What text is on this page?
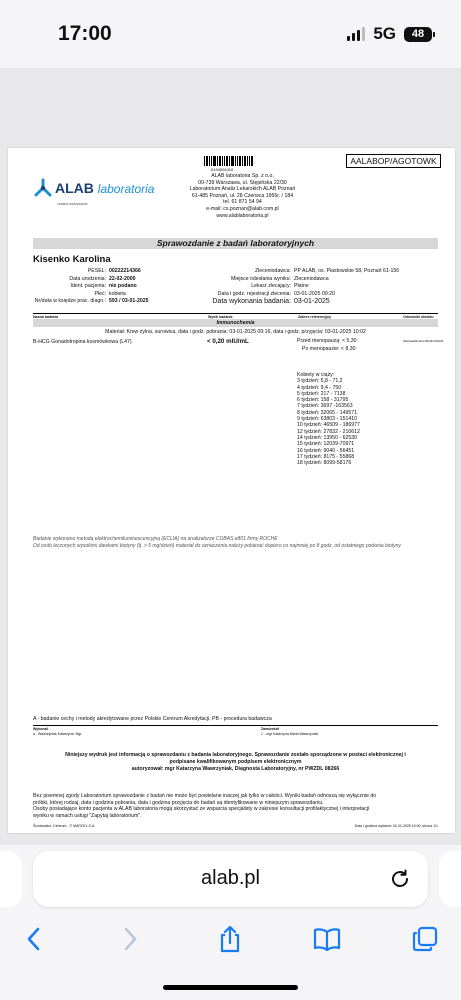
17:00	5G	48
6194526410
AALABOP/AGOTOWK
ALAB laboratoria Sp. z o.o.
00-739 Warszawa, ul. Stępińska 22/30
Laboratorium Analiz Lekarskich ALAB Poznań
61-485 Poznań, ul. 28 Czerwca 1956r. / 184
tel. 61 871 54 94
e-mail: cs.poznan@alab.com.pl
www.alablaboratoria.pl
ALAB laboratoria
zmiana warzywanie
Sprawozdanie z badań laboratoryjnych
Kisenko Karolina
PESEL: 00222214366
Data urodzenia: 22-02-2000
Ident. pacjenta: nie podano
Płeć: kobieta
Nr/data w księdze prac. diagn.: 593 / 03-01-2025
Zleceniodawca: PP ALAB, os. Piastowskie 58, Poznań 61-156
Miejsce odesłania wyniku: Zleceniodawca
Lekarz zlecający: Płatne
Data i godz. rejestracji zlecenia: 03-01-2025 09:20
Data wykonania badania: 03-01-2025
Nazwa badania	Wynik badania	Zakres referencyjny	Odnośniki obiektu
Immunochemia
Materiał: Krew żylna, surowica, data i godz. pobrania: 03-01-2025 09:16, data i godz. przyjęcia: 03-01-2025 10:02
B-HCG Gonadotropina kosmówkowa (L47)	< 0,20 mIU/mL	Przed menopauzą: < 5,30
Po menopauzie: < 8,30
Wielowa/Rozha.Wk34/r4/2024
Kobiety w ciąży:
3 tydzień: 5,8 - 71,2
4 tydzień: 9,4 - 750
5 tydzień: 217 - 7138
6 tydzień: 158 - 31795
7 tydzień: 3697 -163563
8 tydzień: 32065 - 149571
9 tydzień: 63803 - 151410
10 tydzień: 46509 - 186977
12 tydzień: 27832 - 210612
14 tydzień: 13950 - 62530
15 tydzień: 12039-70971
16 tydzień: 9040 - 56451
17 tydzień: 8175 - 55868
18 tydzień: 8099-58176
Badanie wykonano metodą elektrochemiluminescencyjną (ECLIA) na analizatorze COBAS e801 firmy ROCHE
Od osób leczonych wysokimi dawkami biotyny (tj. > 5 mg/dzień) materiał do oznaczenia należy pobierać dopiero co najmniej po 8 godz. od ostatniego podania biotyny
A - badanie cechy i metody akredytowane przez Polskie Centrum Akredytacji, PB - procedura badawcza
Wykonali	Zatwierdził
a - Wawrzyniak Katarzyna, Mgr	1 - mgr Katarzyna Maria Wawrzyniak
Niniejszy wydruk jest informacją o sprawozdaniu z badania laboratoryjnego. Sprawozdanie zostało sporządzone w postaci elektronicznej i
podpisane kwalifikowanym podpisem elektronicznym
autoryzował: mgr Katarzyna Wawrzyniak, Diagnosta Laboratoryjny, nr PWZDL 08266
Bez pisemnej zgody Laboratorium sprawozdanie z badań nie może być powielane inaczej jak tylko w całości. Wyniki badań odnoszą się wyłącznie do
próbki, której rodzaj, data i godzina pobrania, data i godzina przyjęcia do badań są identyfikowane w niniejszym sprawozdaniu.
Osoby posiadające konto pacjenta w ALAB laboratoria mogą skorzystać ze wsparcia specjalisty w zakresie konsultacji profilaktycznej i interpretacji
wyniku w ramach usługi "Zapytaj laboratorium".
Środowisko: Centrum - © MARCEL S.A.	Data i godzina wydania: 03-01-2025 16:00, strona 1/1
alab.pl
